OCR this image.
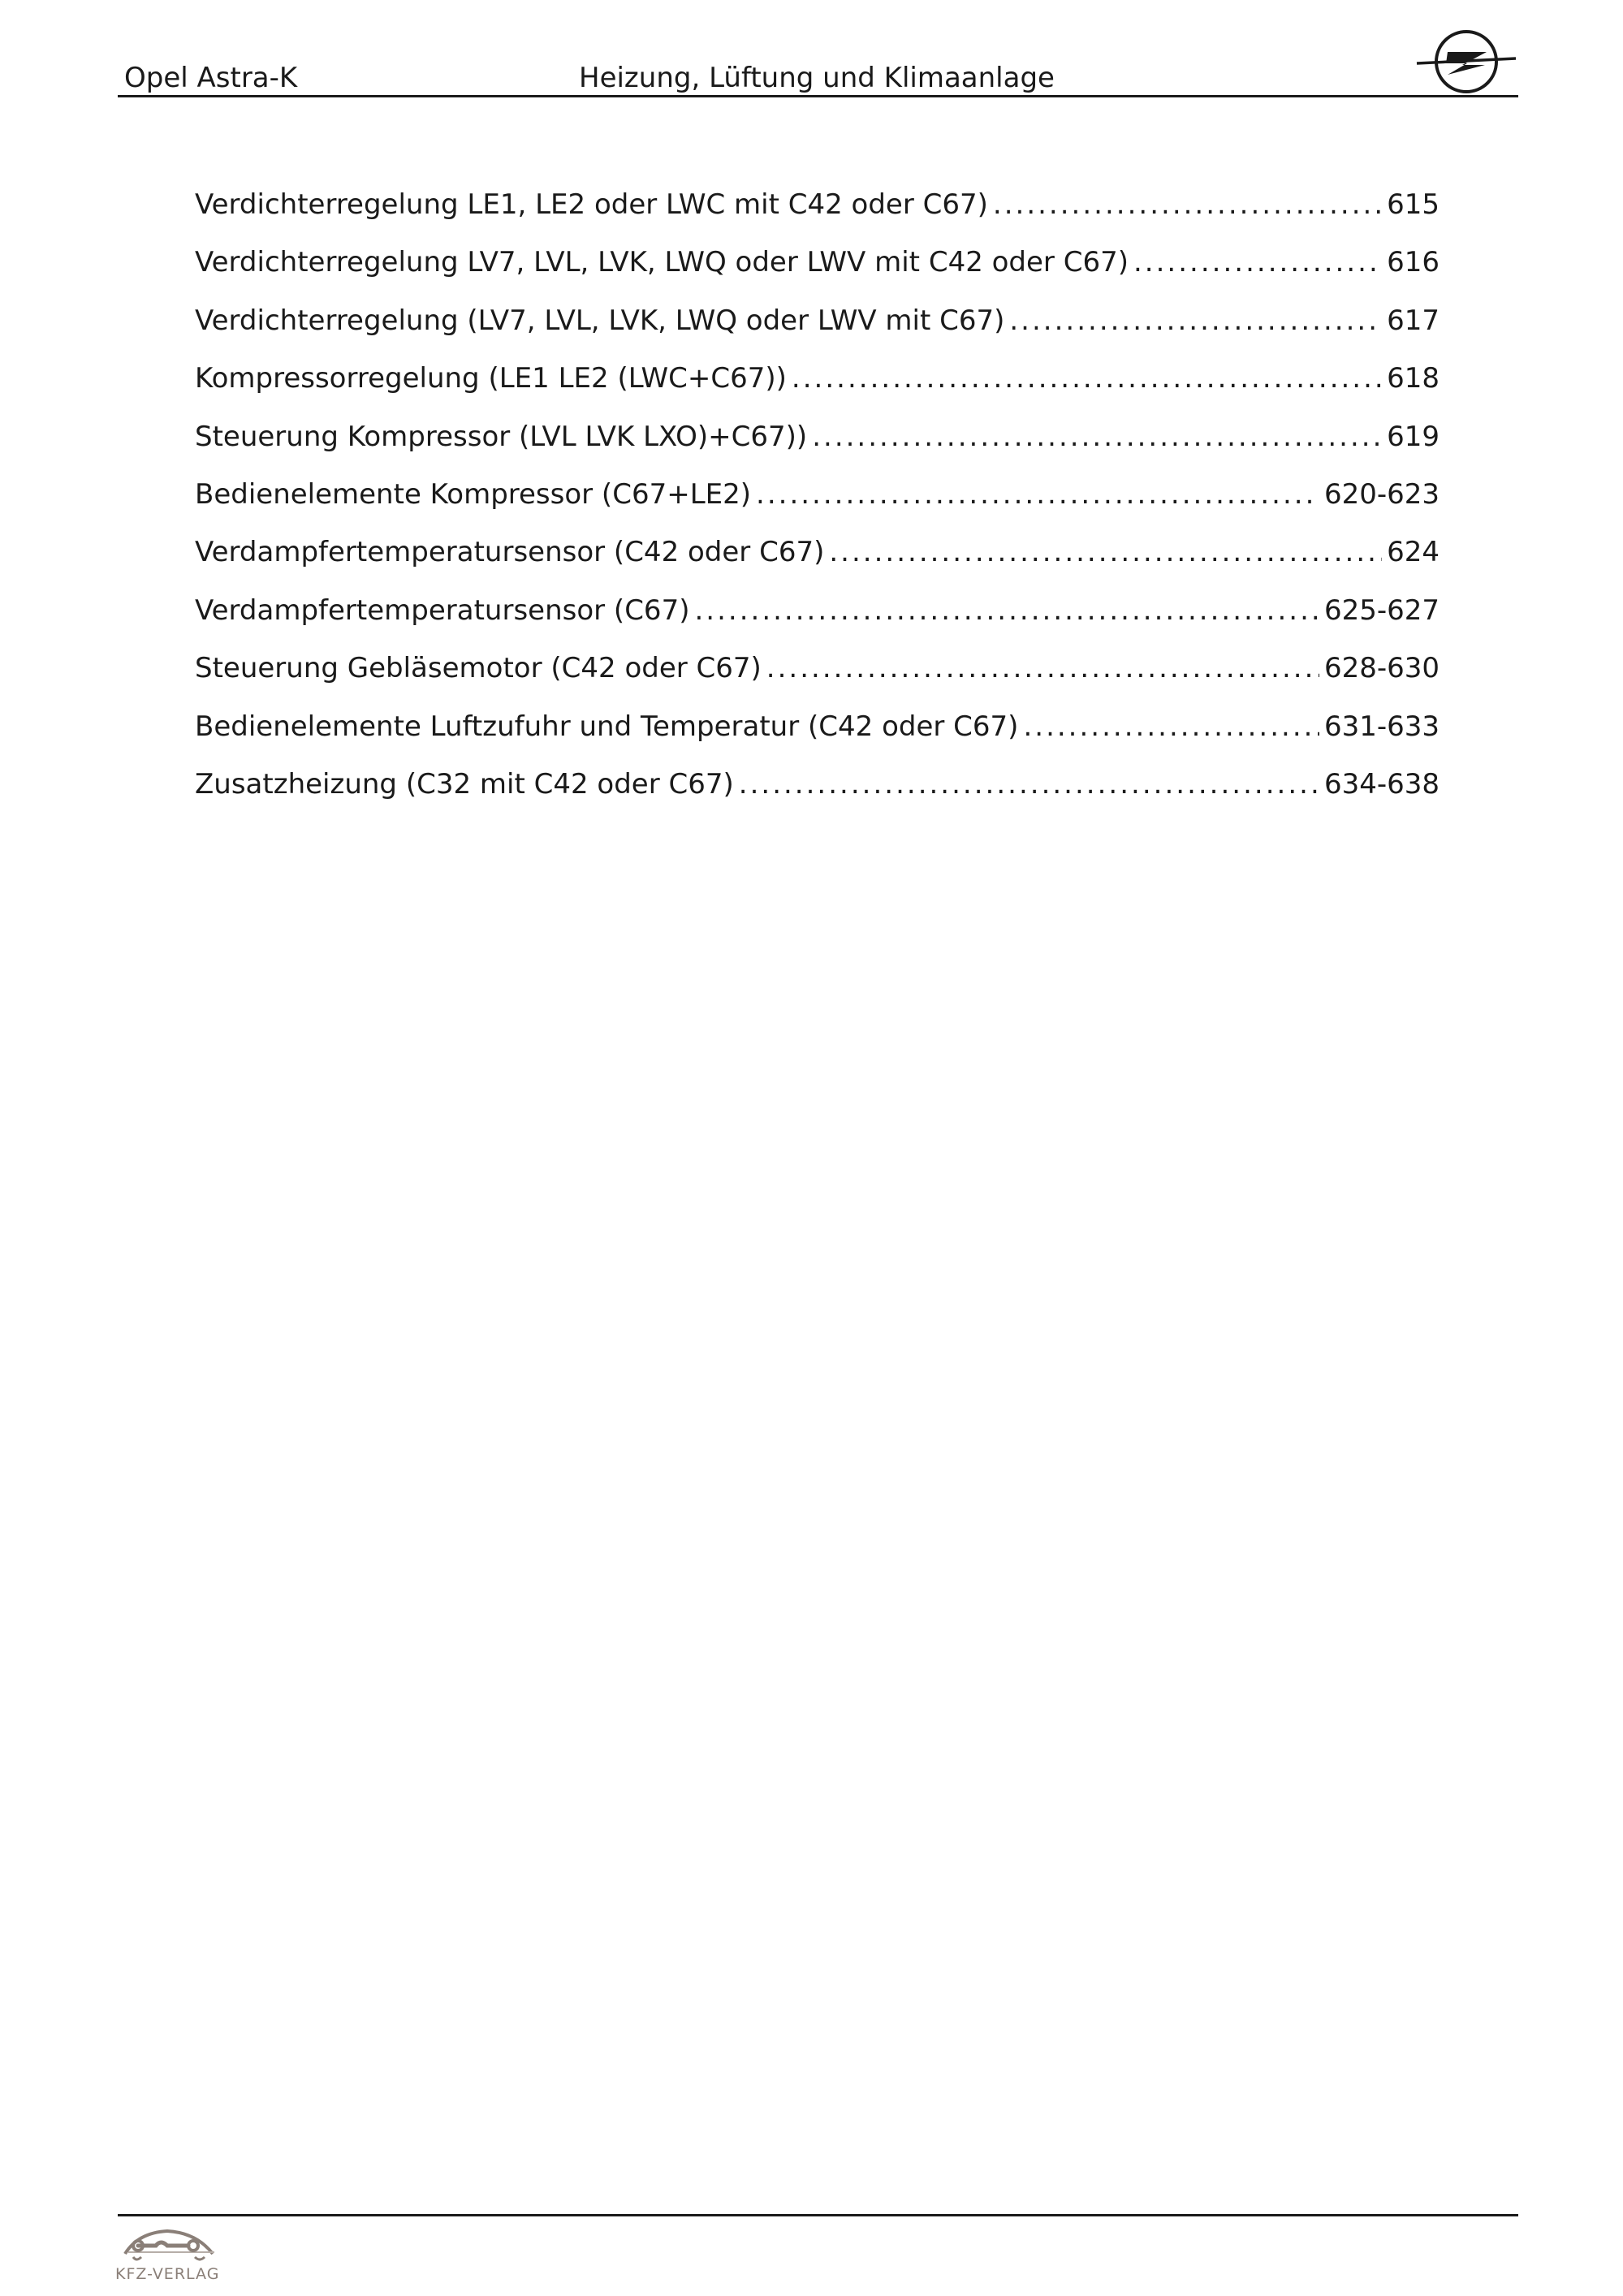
Opel Astra-K	Heizung, Lüftung und Klimaanlage
Verdichterregelung LE1, LE2 oder LWC mit C42 oder C67) .....	615
Verdichterregelung LV7, LVL, LVK, LWQ oder LWV mit C42 oder C67) .....	616
Verdichterregelung (LV7, LVL, LVK, LWQ oder LWV mit C67) .....	617
Kompressorregelung (LE1 LE2 (LWC+C67)) .....	618
Steuerung Kompressor (LVL LVK LXO)+C67)) .....	619
Bedienelemente Kompressor (C67+LE2) .....	620-623
Verdampfertemperatursensor (C42 oder C67) .....	624
Verdampfertemperatursensor (C67) .....	625-627
Steuerung Gebläsemotor (C42 oder C67) .....	628-630
Bedienelemente Luftzufuhr und Temperatur (C42 oder C67) .....	631-633
Zusatzheizung (C32 mit C42 oder C67) .....	634-638
KFZ-VERLAG
